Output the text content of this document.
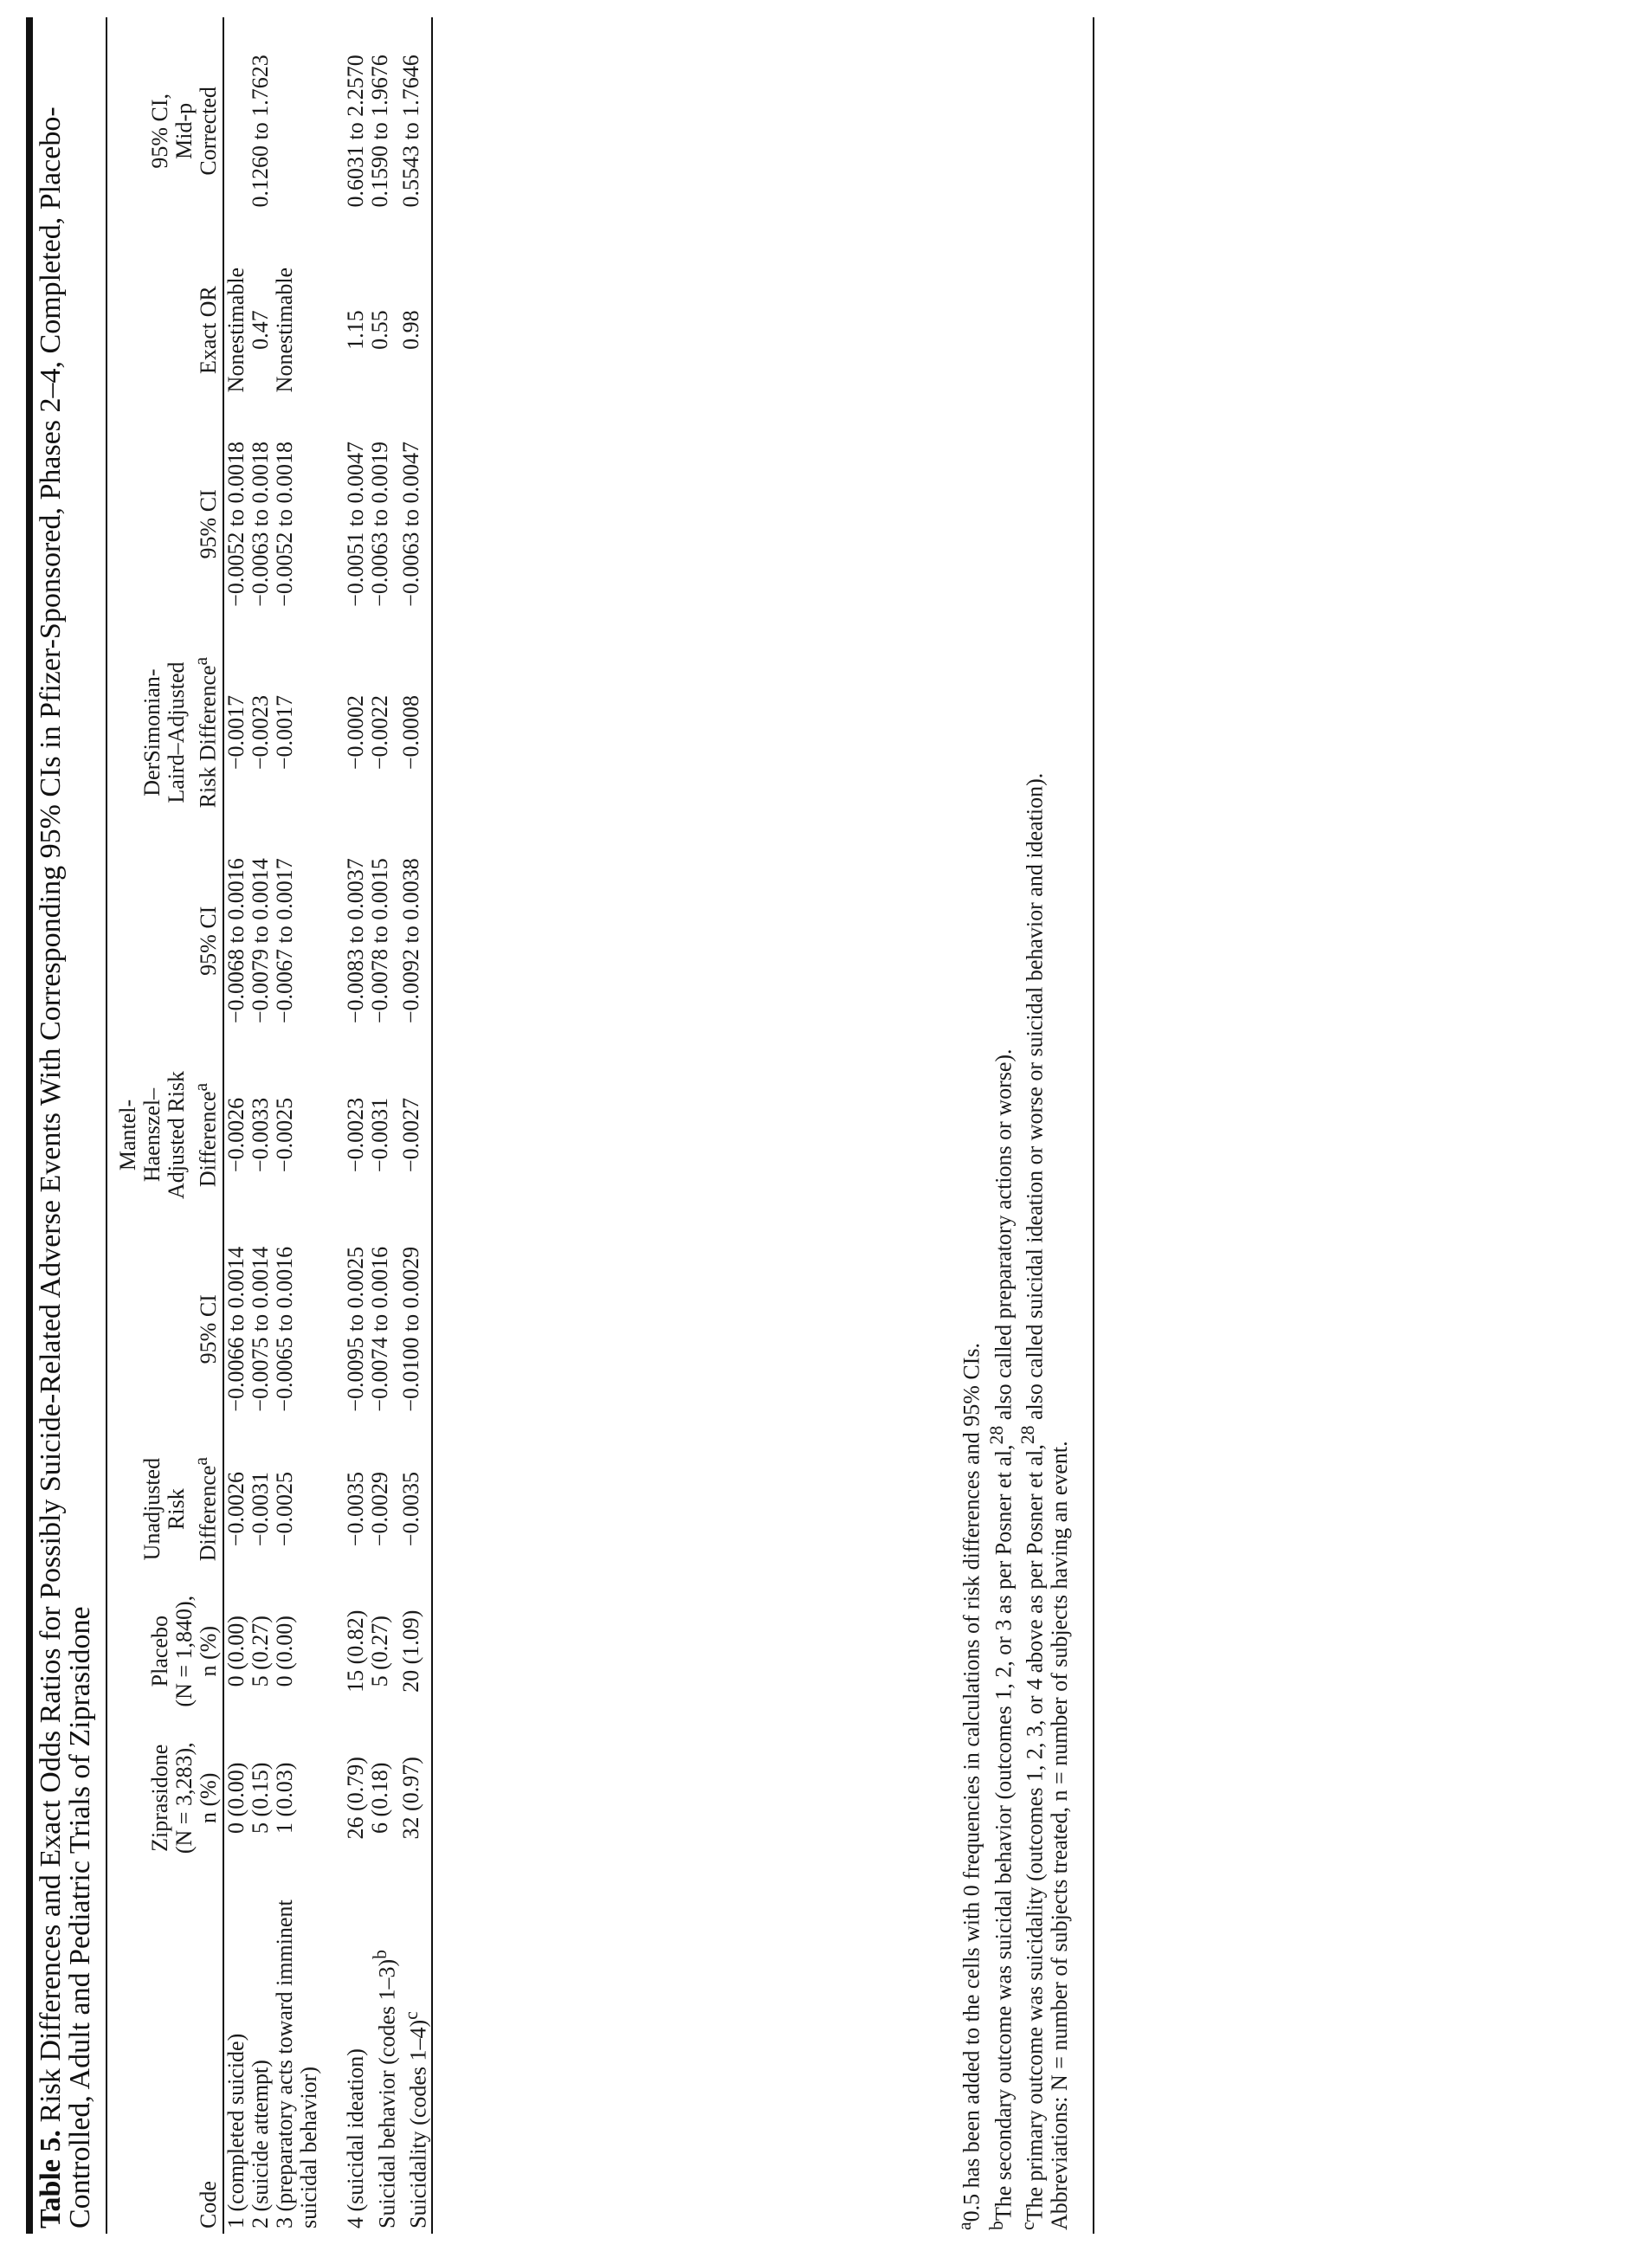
Table 5. Risk Differences and Exact Odds Ratios for Possibly Suicide-Related Adverse Events With Corresponding 95% CIs in Pfizer-Sponsored, Phases 2–4, Completed, Placebo-Controlled, Adult and Pediatric Trials of Ziprasidone	Code	Ziprasidone
(N = 3,283),
n (%)	Placebo
(N = 1,840),
n (%)	Unadjusted
Risk Difference$^a$	95% CI	Mantel-
Haenszel–
Adjusted Risk Difference$^a$	95% CI	DerSimonian-
Laird–Adjusted Risk Difference$^a$	95% CI	Exact OR	95% CI,
Mid-p
Corrected
1 (completed suicide)	0 (0.00)	0 (0.00)	−0.0026	−0.0066 to 0.0014	−0.0026	−0.0068 to 0.0016	−0.0017	−0.0052 to 0.0018	Nonestimable	
2 (suicide attempt)	5 (0.15)	5 (0.27)	−0.0031	−0.0075 to 0.0014	−0.0033	−0.0079 to 0.0014	−0.0023	−0.0063 to 0.0018	0.47	0.1260 to 1.7623
3 (preparatory acts toward imminent suicidal behavior)	1 (0.03)	0 (0.00)	−0.0025	−0.0065 to 0.0016	−0.0025	−0.0067 to 0.0017	−0.0017	−0.0052 to 0.0018	Nonestimable	

4 (suicidal ideation)	26 (0.79)	15 (0.82)	−0.0035	−0.0095 to 0.0025	−0.0023	−0.0083 to 0.0037	−0.0002	−0.0051 to 0.0047	1.15	0.6031 to 2.2570
Suicidal behavior (codes 1–3)$^b$	6 (0.18)	5 (0.27)	−0.0029	−0.0074 to 0.0016	−0.0031	−0.0078 to 0.0015	−0.0022	−0.0063 to 0.0019	0.55	0.1590 to 1.9676
Suicidality (codes 1–4)$^c$	32 (0.97)	20 (1.09)	−0.0035	−0.0100 to 0.0029	−0.0027	−0.0092 to 0.0038	−0.0008	−0.0063 to 0.0047	0.98	0.5543 to 1.7646

$^a$0.5 has been added to the cells with 0 frequencies in calculations of risk differences and 95% CIs.

$^b$The secondary outcome was suicidal behavior (outcomes 1, 2, or 3 as per Posner et al,$^{28}$ also called preparatory actions or worse).

$^c$The primary outcome was suicidality (outcomes 1, 2, 3, or 4 above as per Posner et al,$^{28}$ also called suicidal ideation or worse or suicidal behavior and ideation).

Abbreviations: N = number of subjects treated, n = number of subjects having an event.
